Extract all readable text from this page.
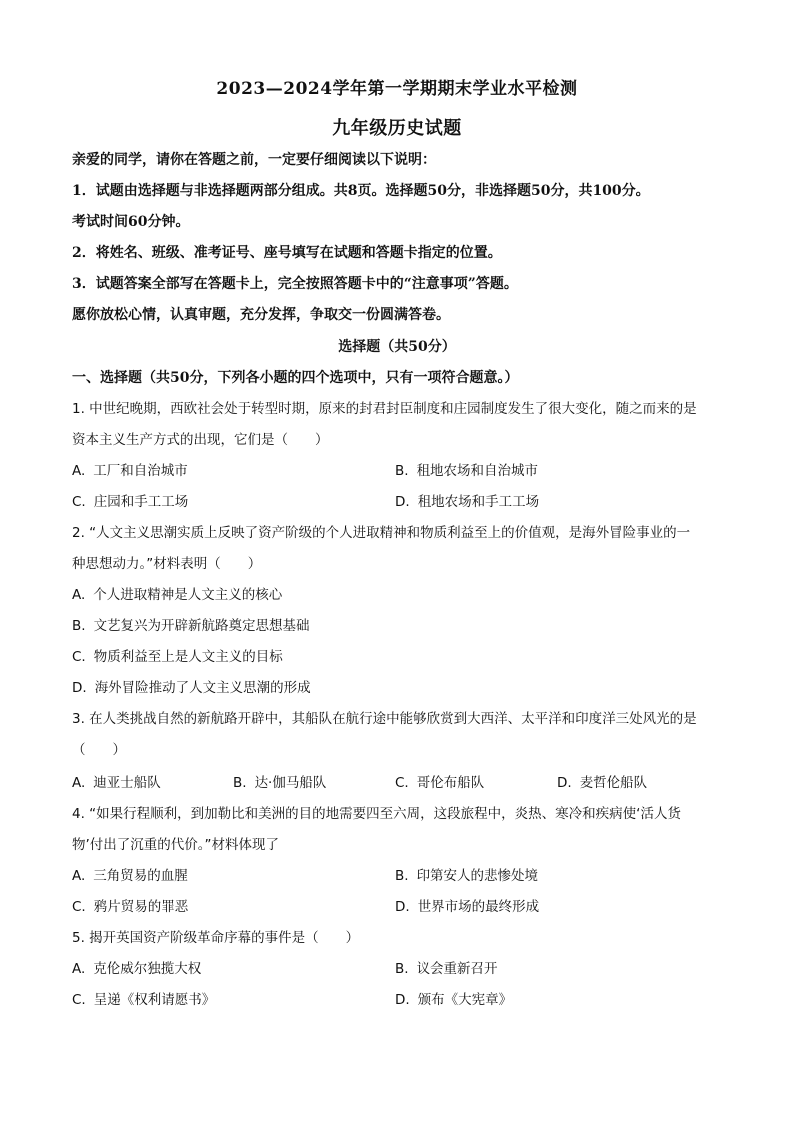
2023—2024学年第一学期期末学业水平检测
九年级历史试题
亲爱的同学，请你在答题之前，一定要仔细阅读以下说明：
1．试题由选择题与非选择题两部分组成。共8页。选择题50分，非选择题50分，共100分。
考试时间60分钟。
2．将姓名、班级、准考证号、座号填写在试题和答题卡指定的位置。
3．试题答案全部写在答题卡上，完全按照答题卡中的“注意事项”答题。
愿你放松心情，认真审题，充分发挥，争取交一份圆满答卷。
选择题（共50分）
一、选择题（共50分，下列各小题的四个选项中，只有一项符合题意。）
1. 中世纪晚期，西欧社会处于转型时期，原来的封君封臣制度和庄园制度发生了很大变化，随之而来的是
资本主义生产方式的出现，它们是（　　）
A. 工厂和自治城市	B. 租地农场和自治城市
C. 庄园和手工工场	D. 租地农场和手工工场
2. “人文主义思潮实质上反映了资产阶级的个人进取精神和物质利益至上的价值观，是海外冒险事业的一
种思想动力。”材料表明（　　）
A. 个人进取精神是人文主义的核心
B. 文艺复兴为开辟新航路奠定思想基础
C. 物质利益至上是人文主义的目标
D. 海外冒险推动了人文主义思潮的形成
3. 在人类挑战自然的新航路开辟中，其船队在航行途中能够欣赏到大西洋、太平洋和印度洋三处风光的是
（　　）
A. 迪亚士船队	B. 达·伽马船队	C. 哥伦布船队	D. 麦哲伦船队
4. “如果行程顺利，到加勒比和美洲的目的地需要四至六周，这段旅程中，炎热、寒冷和疾病使‘活人货
物’付出了沉重的代价。”材料体现了
A. 三角贸易的血腥	B. 印第安人的悲惨处境
C. 鸦片贸易的罪恶	D. 世界市场的最终形成
5. 揭开英国资产阶级革命序幕的事件是（　　）
A. 克伦威尔独揽大权	B. 议会重新召开
C. 呈递《权利请愿书》	D. 颁布《大宪章》
